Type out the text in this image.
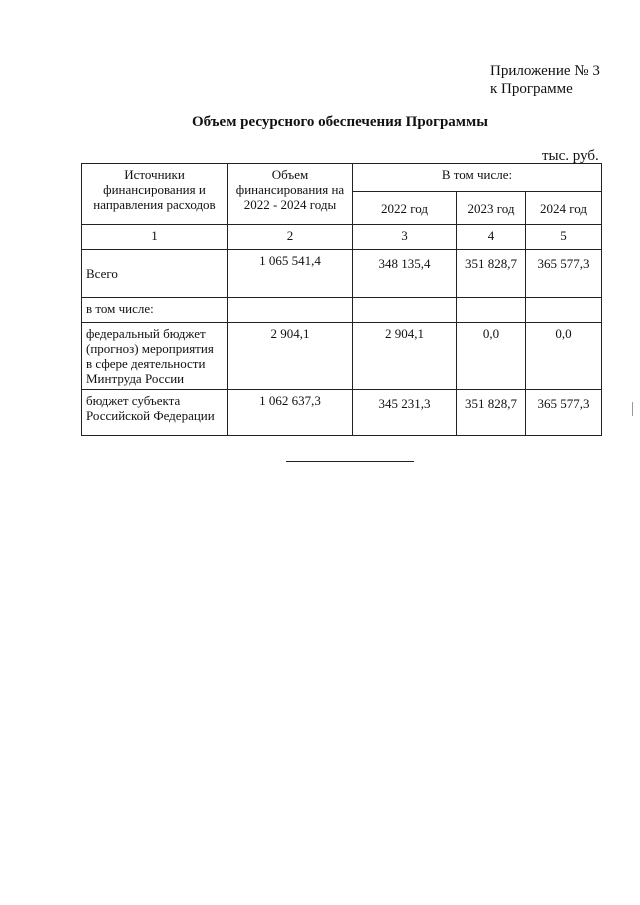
Приложение № 3
к Программе
Объем ресурсного обеспечения Программы
тыс. руб.
Источники финансирования и направления расходов	Объем финансирования на 2022 - 2024 годы	В том числе:		
		2022 год	2023 год	2024 год
1	2	3	4	5
Всего	1 065 541,4	348 135,4	351 828,7	365 577,3
в том числе:				
федеральный бюджет (прогноз) мероприятия в сфере деятельности Минтруда России	2 904,1	2 904,1	0,0	0,0
бюджет субъекта Российской Федерации	1 062 637,3	345 231,3	351 828,7	365 577,3
